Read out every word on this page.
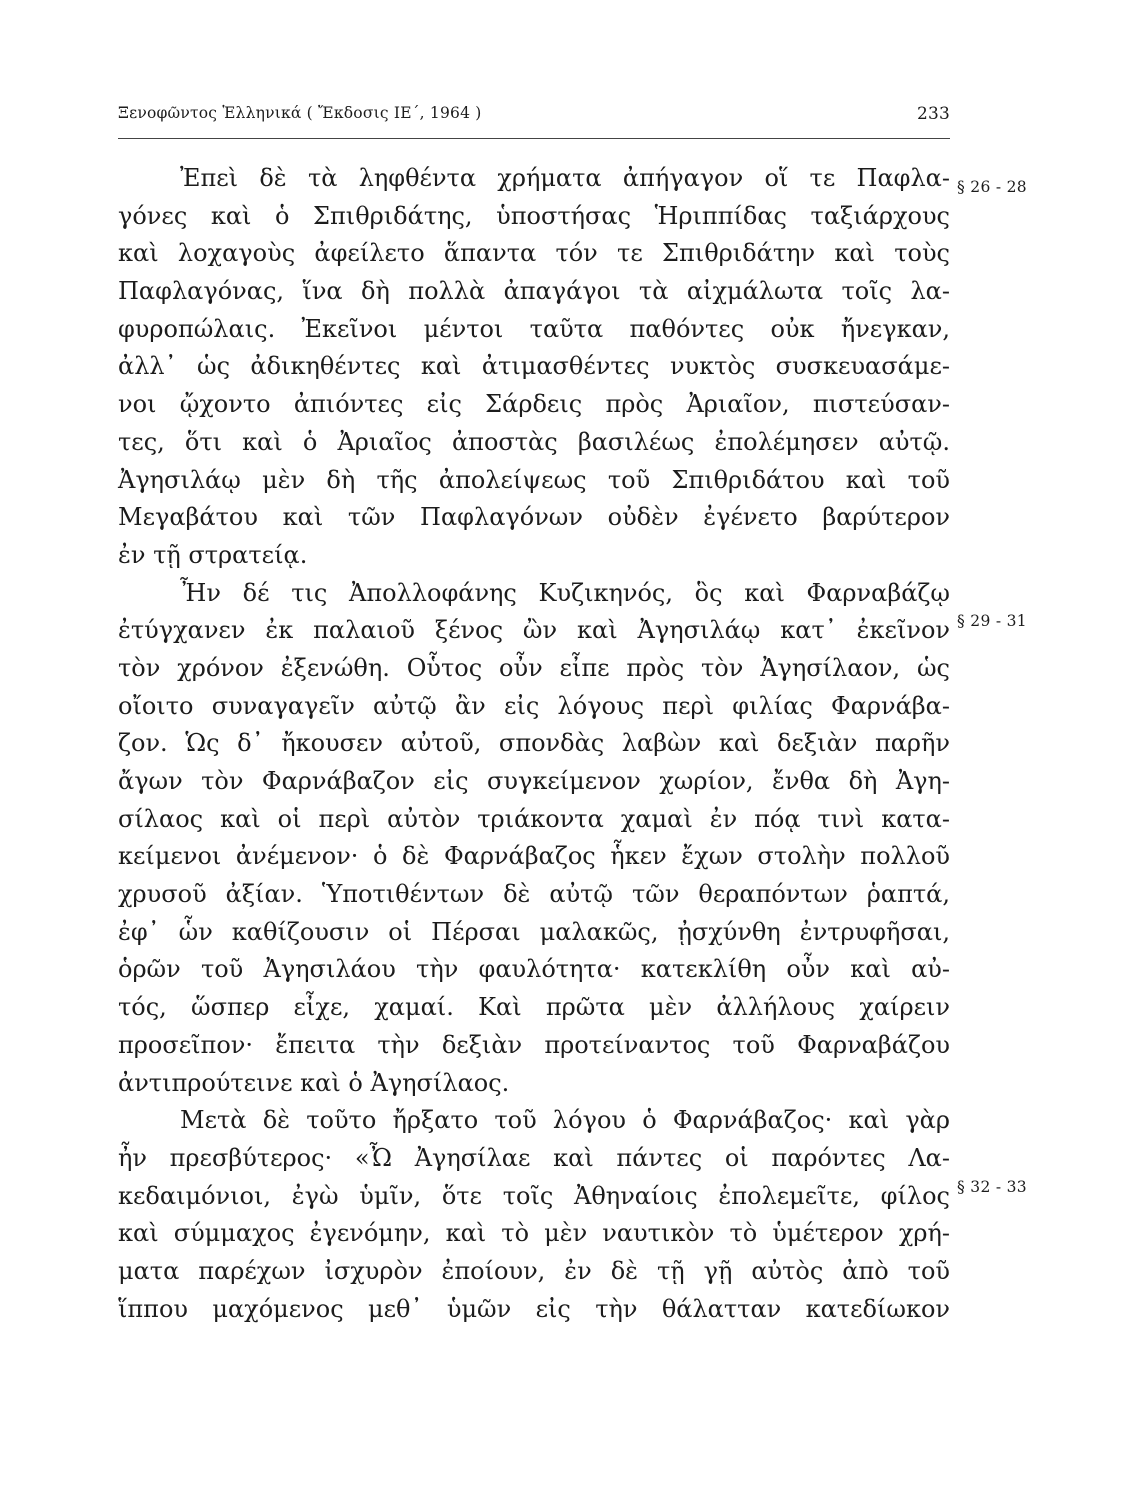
Ξενοφῶντος Ἑλληνικά ( Ἔκδοσις ΙΕ΄, 1964 )	233
Ἐπεὶ δὲ τὰ ληφθέντα χρήματα ἀπήγαγον οἵ τε Παφλα-
γόνες καὶ ὁ Σπιθριδάτης, ὑποστήσας Ἡριππίδας ταξιάρχους
καὶ λοχαγοὺς ἀφείλετο ἅπαντα τόν τε Σπιθριδάτην καὶ τοὺς
Παφλαγόνας, ἵνα δὴ πολλὰ ἀπαγάγοι τὰ αἰχμάλωτα τοῖς λα-
φυροπώλαις. Ἐκεῖνοι μέντοι ταῦτα παθόντες οὐκ ἤνεγκαν,
ἀλλ᾽ ὡς ἀδικηθέντες καὶ ἀτιμασθέντες νυκτὸς συσκευασάμε-
νοι ᾤχοντο ἀπιόντες εἰς Σάρδεις πρὸς Ἀριαῖον, πιστεύσαν-
τες, ὅτι καὶ ὁ Ἀριαῖος ἀποστὰς βασιλέως ἐπολέμησεν αὐτῷ.
Ἀγησιλάῳ μὲν δὴ τῆς ἀπολείψεως τοῦ Σπιθριδάτου καὶ τοῦ
Μεγαβάτου καὶ τῶν Παφλαγόνων οὐδὲν ἐγένετο βαρύτερον
ἐν τῇ στρατείᾳ.
Ἦν δέ τις Ἀπολλοφάνης Κυζικηνός, ὃς καὶ Φαρναβάζῳ
ἐτύγχανεν ἐκ παλαιοῦ ξένος ὢν καὶ Ἀγησιλάῳ κατ᾽ ἐκεῖνον
τὸν χρόνον ἐξενώθη. Οὗτος οὖν εἶπε πρὸς τὸν Ἀγησίλαον, ὡς
οἴοιτο συναγαγεῖν αὐτῷ ἂν εἰς λόγους περὶ φιλίας Φαρνάβα-
ζον. Ὡς δ᾽ ἤκουσεν αὐτοῦ, σπονδὰς λαβὼν καὶ δεξιὰν παρῆν
ἄγων τὸν Φαρνάβαζον εἰς συγκείμενον χωρίον, ἔνθα δὴ Ἀγη-
σίλαος καὶ οἱ περὶ αὐτὸν τριάκοντα χαμαὶ ἐν πόᾳ τινὶ κατα-
κείμενοι ἀνέμενον· ὁ δὲ Φαρνάβαζος ἧκεν ἔχων στολὴν πολλοῦ
χρυσοῦ ἀξίαν. Ὑποτιθέντων δὲ αὐτῷ τῶν θεραπόντων ῥαπτά,
ἐφ᾽ ὧν καθίζουσιν οἱ Πέρσαι μαλακῶς, ᾐσχύνθη ἐντρυφῆσαι,
ὁρῶν τοῦ Ἀγησιλάου τὴν φαυλότητα· κατεκλίθη οὖν καὶ αὐ-
τός, ὥσπερ εἶχε, χαμαί. Καὶ πρῶτα μὲν ἀλλήλους χαίρειν
προσεῖπον· ἔπειτα τὴν δεξιὰν προτείναντος τοῦ Φαρναβάζου
ἀντιπρούτεινε καὶ ὁ Ἀγησίλαος.
Μετὰ δὲ τοῦτο ἤρξατο τοῦ λόγου ὁ Φαρνάβαζος· καὶ γὰρ
ἦν πρεσβύτερος· «Ὦ Ἀγησίλαε καὶ πάντες οἱ παρόντες Λα-
κεδαιμόνιοι, ἐγὼ ὑμῖν, ὅτε τοῖς Ἀθηναίοις ἐπολεμεῖτε, φίλος
καὶ σύμμαχος ἐγενόμην, καὶ τὸ μὲν ναυτικὸν τὸ ὑμέτερον χρή-
ματα παρέχων ἰσχυρὸν ἐποίουν, ἐν δὲ τῇ γῇ αὐτὸς ἀπὸ τοῦ
ἵππου μαχόμενος μεθ᾽ ὑμῶν εἰς τὴν θάλατταν κατεδίωκον
§ 26 - 28
§ 29 - 31
§ 32 - 33
